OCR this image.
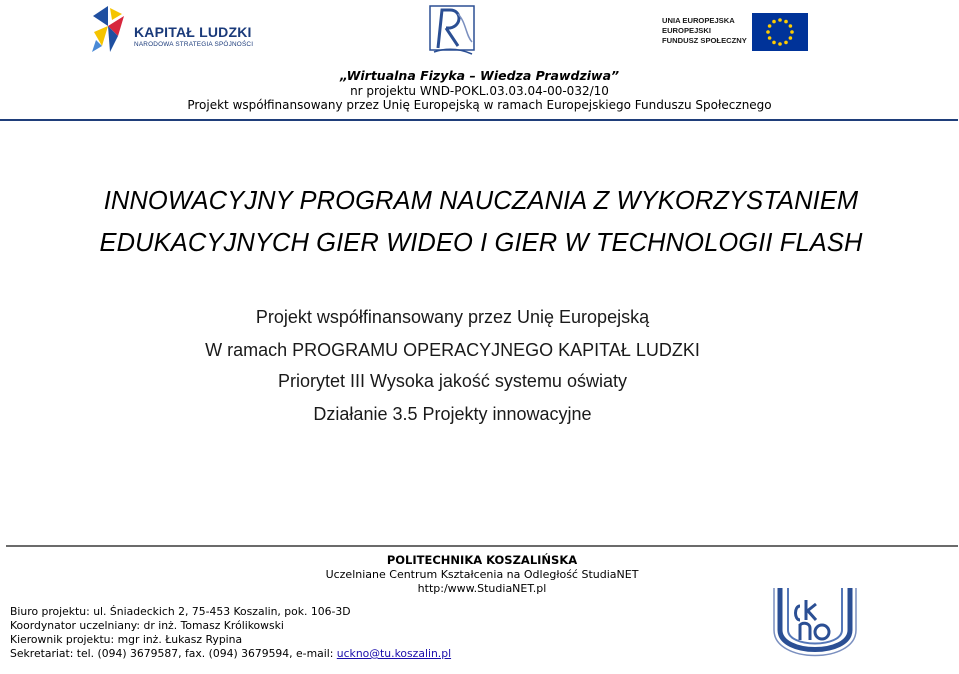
KAPITAŁ LUDZKI
NARODOWA STRATEGIA SPÓJNOŚCI
UNIA EUROPEJSKA
EUROPEJSKI
FUNDUSZ SPOŁECZNY
„Wirtualna Fizyka – Wiedza Prawdziwa”
nr projektu WND-POKL.03.03.04-00-032/10
Projekt współfinansowany przez Unię Europejską w ramach Europejskiego Funduszu Społecznego
INNOWACYJNY PROGRAM NAUCZANIA Z WYKORZYSTANIEM
EDUKACYJNYCH GIER WIDEO I GIER W TECHNOLOGII FLASH
Projekt współfinansowany przez Unię Europejską
W ramach PROGRAMU OPERACYJNEGO KAPITAŁ LUDZKI
Priorytet III Wysoka jakość systemu oświaty
Działanie 3.5 Projekty innowacyjne
POLITECHNIKA KOSZALIŃSKA
Uczelniane Centrum Kształcenia na Odległość StudiaNET
http:/www.StudiaNET.pl
Biuro projektu: ul. Śniadeckich 2, 75-453 Koszalin, pok. 106-3D
Koordynator uczelniany: dr inż. Tomasz Królikowski
Kierownik projektu: mgr inż. Łukasz Rypina
Sekretariat: tel. (094) 3679587, fax. (094) 3679594, e-mail: uckno@tu.koszalin.pl
